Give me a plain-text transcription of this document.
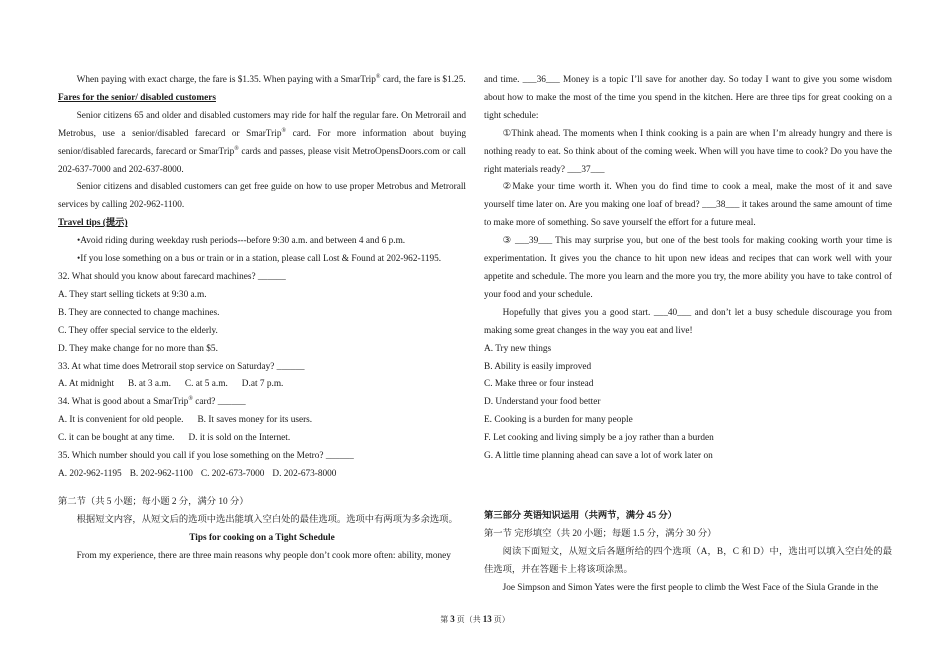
When paying with exact charge, the fare is $1.35. When paying with a SmarTrip® card, the fare is $1.25.

Fares for the senior/ disabled customers

Senior citizens 65 and older and disabled customers may ride for half the regular fare. On Metrorail and Metrobus, use a senior/disabled farecard or SmarTrip® card. For more information about buying senior/disabled farecards, farecard or SmarTrip® cards and passes, please visit MetroOpensDoors.com or call 202-637-7000 and 202-637-8000.

Senior citizens and disabled customers can get free guide on how to use proper Metrobus and Metrorall services by calling 202-962-1100.

Travel tips (提示)

•Avoid riding during weekday rush periods---before 9:30 a.m. and between 4 and 6 p.m.

•If you lose something on a bus or train or in a station, please call Lost & Found at 202-962-1195.

32. What should you know about farecard machines? ______

A. They start selling tickets at 9:30 a.m.

B. They are connected to change machines.

C. They offer special service to the elderly.

D. They make change for no more than $5.

33. At what time does Metrorail stop service on Saturday? ______

A. At midnight B. at 3 a.m. C. at 5 a.m. D.at 7 p.m.

34. What is good about a SmarTrip® card? ______

A. It is convenient for old people. B. It saves money for its users.

C. it can be bought at any time. D. it is sold on the Internet.

35. Which number should you call if you lose something on the Metro? ______

A. 202-962-1195 B. 202-962-1100 C. 202-673-7000 D. 202-673-8000

第二节（共 5 小题；每小题 2 分，满分 10 分）

根据短文内容，从短文后的选项中选出能填入空白处的最佳选项。选项中有两项为多余选项。

Tips for cooking on a Tight Schedule

From my experience, there are three main reasons why people don’t cook more often: ability, money

and time. ___36___ Money is a topic I’ll save for another day. So today I want to give you some wisdom about how to make the most of the time you spend in the kitchen. Here are three tips for great cooking on a tight schedule:

①Think ahead. The moments when I think cooking is a pain are when I’m already hungry and there is nothing ready to eat. So think about of the coming week. When will you have time to cook? Do you have the right materials ready? ___37___

②Make your time worth it. When you do find time to cook a meal, make the most of it and save yourself time later on. Are you making one loaf of bread? ___38___ it takes around the same amount of time to make more of something. So save yourself the effort for a future meal.

③ ___39___ This may surprise you, but one of the best tools for making cooking worth your time is experimentation. It gives you the chance to hit upon new ideas and recipes that can work well with your appetite and schedule. The more you learn and the more you try, the more ability you have to take control of your food and your schedule.

Hopefully that gives you a good start. ___40___ and don’t let a busy schedule discourage you from making some great changes in the way you eat and live!

A. Try new things

B. Ability is easily improved

C. Make three or four instead

D. Understand your food better

E. Cooking is a burden for many people

F. Let cooking and living simply be a joy rather than a burden

G. A little time planning ahead can save a lot of work later on

第三部分 英语知识运用（共两节，满分 45 分）

第一节 完形填空（共 20 小题；每题 1.5 分，满分 30 分）

阅读下面短文，从短文后各题所给的四个选项（A，B，C 和 D）中，选出可以填入空白处的最佳选项，并在答题卡上将该项涂黑。

Joe Simpson and Simon Yates were the first people to climb the West Face of the Siula Grande in the

第 3 页（共 13 页）
